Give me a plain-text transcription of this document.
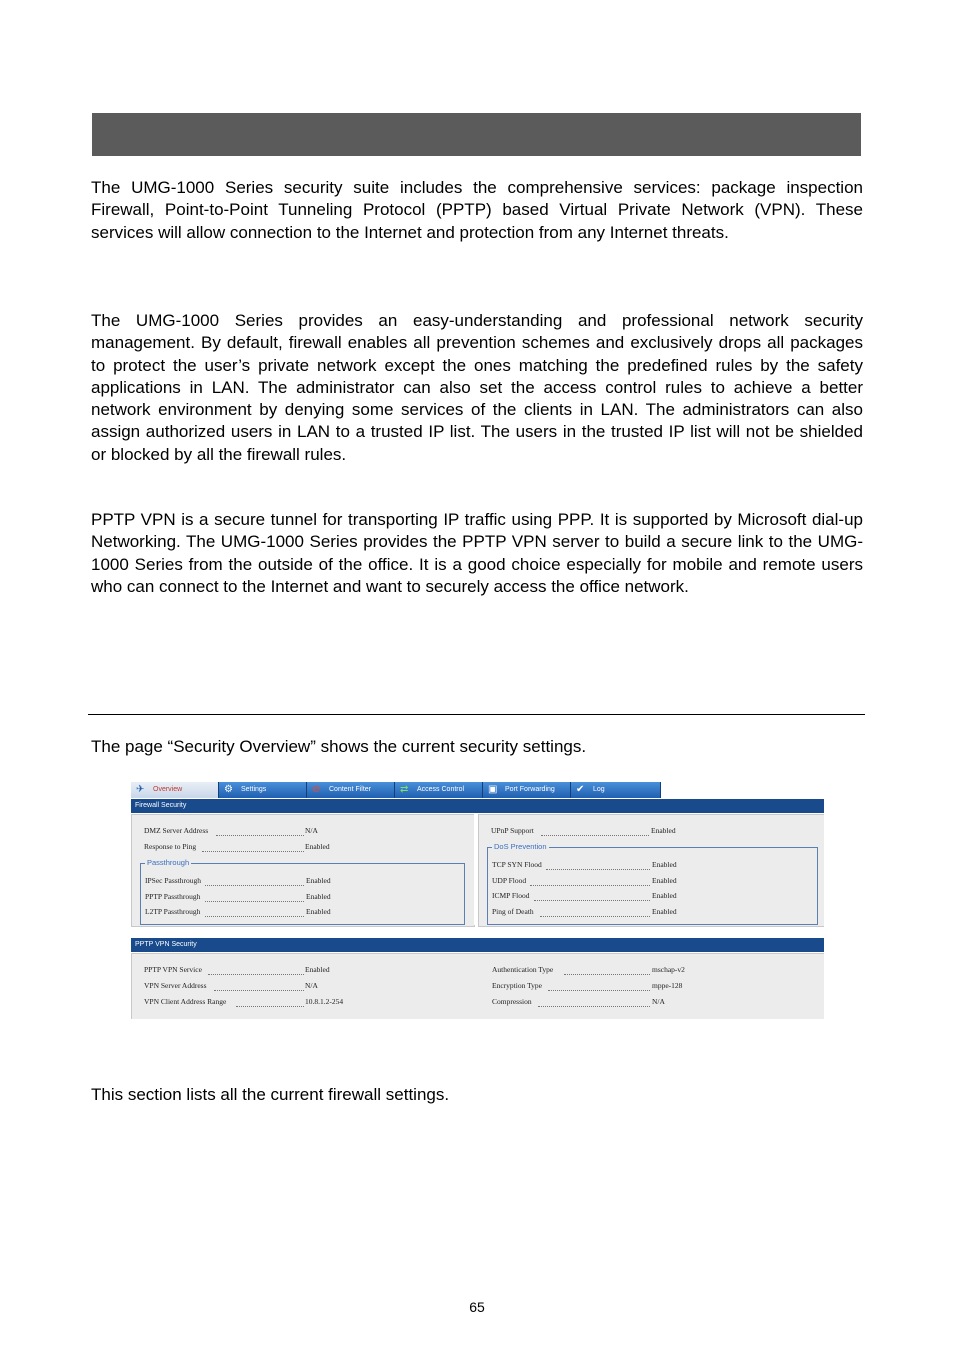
The UMG-1000 Series security suite includes the comprehensive services: package inspection Firewall, Point-to-Point Tunneling Protocol (PPTP) based Virtual Private Network (VPN). These services will allow connection to the Internet and protection from any Internet threats.

The UMG-1000 Series provides an easy-understanding and professional network security management. By default, firewall enables all prevention schemes and exclusively drops all packages to protect the user’s private network except the ones matching the predefined rules by the safety applications in LAN. The administrator can also set the access control rules to achieve a better network environment by denying some services of the clients in LAN. The administrators can also assign authorized users in LAN to a trusted IP list. The users in the trusted IP list will not be shielded or blocked by all the firewall rules.

PPTP VPN is a secure tunnel for transporting IP traffic using PPP. It is supported by Microsoft dial-up Networking. The UMG-1000 Series provides the PPTP VPN server to build a secure link to the UMG-1000 Series from the outside of the office. It is a good choice especially for mobile and remote users who can connect to the Internet and want to securely access the office network.

The page “Security Overview” shows the current security settings.

✈ Overview	⚙ Settings	⊘ Content Filter	⇄ Access Control	▣ Port Forwarding	✔ Log
Firewall Security
DMZ Server Address	N/A
Response to Ping	Enabled
Passthrough
IPSec Passthrough	Enabled
PPTP Passthrough	Enabled
L2TP Passthrough	Enabled
UPnP Support	Enabled
DoS Prevention
TCP SYN Flood	Enabled
UDP Flood	Enabled
ICMP Flood	Enabled
Ping of Death	Enabled
PPTP VPN Security
PPTP VPN Service	Enabled
VPN Server Address	N/A
VPN Client Address Range	10.8.1.2-254
Authentication Type	mschap-v2
Encryption Type	mppe-128
Compression	N/A

This section lists all the current firewall settings.

65
